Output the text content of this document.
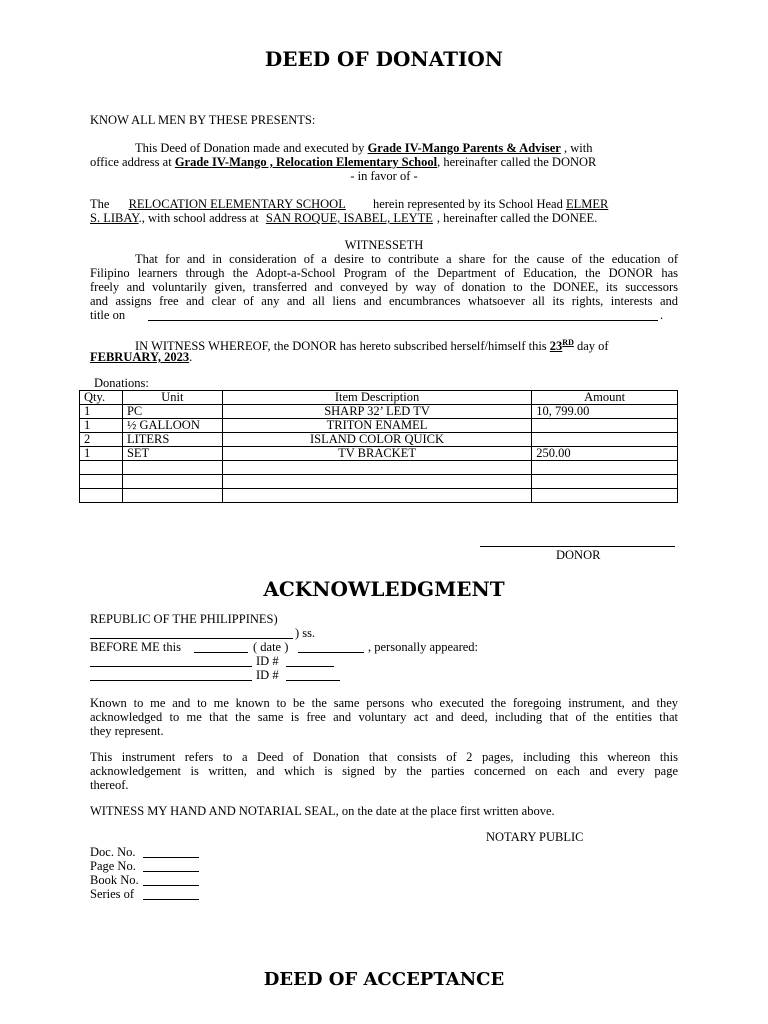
DEED OF DONATION
KNOW ALL MEN BY THESE PRESENTS:
This Deed of Donation made and executed by Grade IV-Mango Parents & Adviser , with
office address at Grade IV-Mango , Relocation Elementary School, hereinafter called the DONOR
- in favor of -
The RELOCATION ELEMENTARY SCHOOL herein represented by its School Head ELMER
S. LIBAY., with school address at SAN ROQUE, ISABEL, LEYTE , hereinafter called the DONEE.
WITNESSETH
That for and in consideration of a desire to contribute a share for the cause of the education of
Filipino learners through the Adopt-a-School Program of the Department of Education, the DONOR has
freely and voluntarily given, transferred and conveyed by way of donation to the DONEE, its successors
and assigns free and clear of any and all liens and encumbrances whatsoever all its rights, interests and
title on	.
IN WITNESS WHEREOF, the DONOR has hereto subscribed herself/himself this 23RD day of
FEBRUARY, 2023.
Donations:
Qty.	Unit	Item Description	Amount
1	PC	SHARP 32’ LED TV	10, 799.00
1	½ GALLOON	TRITON ENAMEL	
2	LITERS	ISLAND COLOR QUICK	
1	SET	TV BRACKET	250.00

DONOR
ACKNOWLEDGMENT
REPUBLIC OF THE PHILIPPINES)
) ss.
BEFORE ME this	( date )	, personally appeared:
ID #
ID #
Known to me and to me known to be the same persons who executed the foregoing instrument, and they
acknowledged to me that the same is free and voluntary act and deed, including that of the entities that
they represent.
This instrument refers to a Deed of Donation that consists of 2 pages, including this whereon this
acknowledgement is written, and which is signed by the parties concerned on each and every page
thereof.
WITNESS MY HAND AND NOTARIAL SEAL, on the date at the place first written above.
NOTARY PUBLIC
Doc. No.
Page No.
Book No.
Series of
DEED OF ACCEPTANCE
